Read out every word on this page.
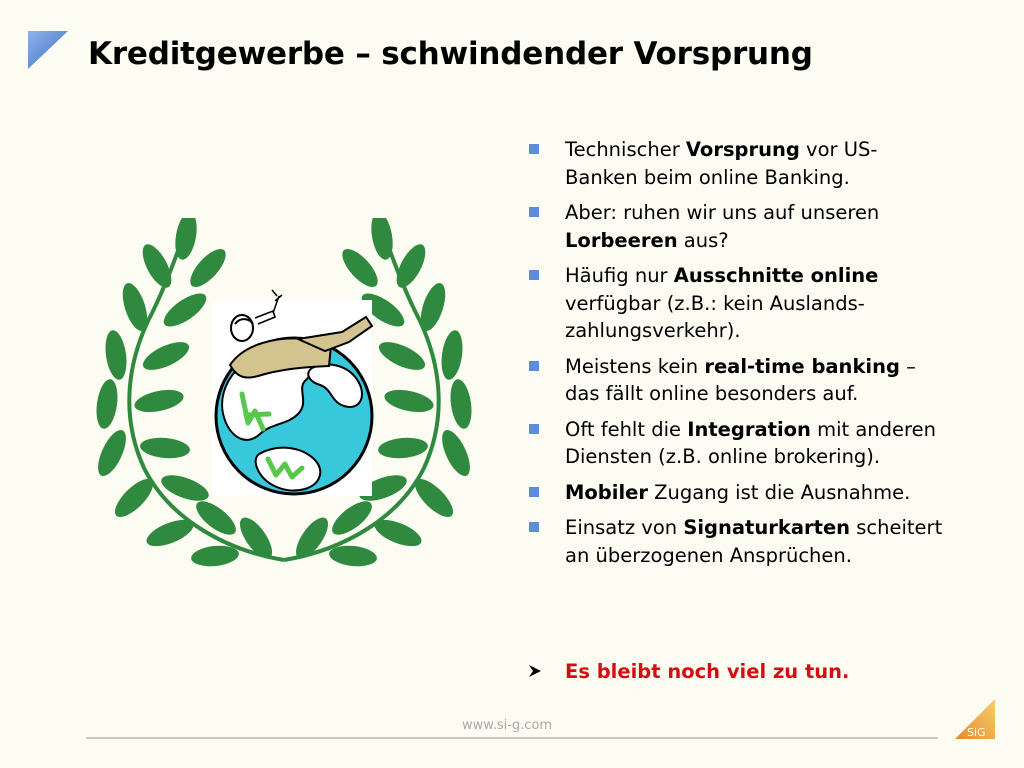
Kreditgewerbe – schwindender Vorsprung
Technischer Vorsprung vor US-Banken beim online Banking.
Aber: ruhen wir uns auf unseren Lorbeeren aus?
Häufig nur Ausschnitte online verfügbar (z.B.: kein Auslands-zahlungsverkehr).
Meistens kein real-time banking – das fällt online besonders auf.
Oft fehlt die Integration mit anderen Diensten (z.B. online brokering).
Mobiler Zugang ist die Ausnahme.
Einsatz von Signaturkarten scheitert an überzogenen Ansprüchen.
Es bleibt noch viel zu tun.
www.si-g.com	SiG
